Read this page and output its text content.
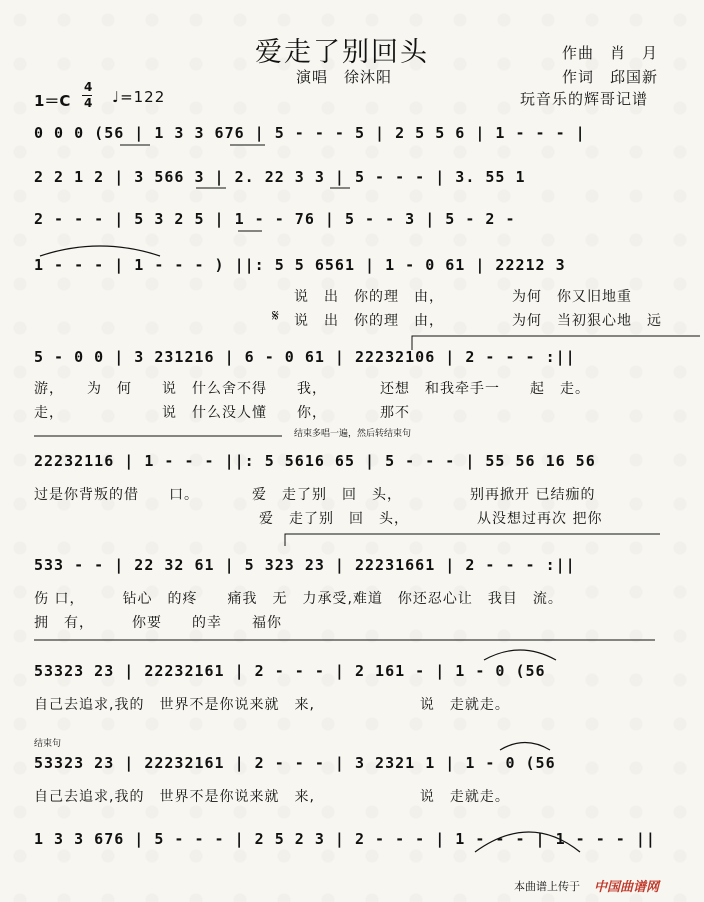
爱走了别回头
演唱　徐沐阳
作曲　肖　月
作词　邱国新
玩音乐的辉哥记谱
1＝C
4
4 ♩=122
0 0 0 (56 | 1 3 3 676 | 5 - - - 5 | 2 5 5 6 | 1 - - - |
2 2 1 2 | 3 566 3 | 2. 22 3 3 | 5 - - - | 3. 55 1
2 - - - | 5 3 2 5 | 1 - - 76 | 5 - - 3 | 5 - 2 -
1 - - - | 1 - - - ) ||: 5 5 6561 | 1 - 0 61 | 22212 3
说　出　你的理　由，　　　　　为何　你又旧地重
𝄋 说　出　你的理　由，　　　　　为何　当初狠心地　远
5 - 0 0 | 3 231216 | 6 - 0 61 | 22232106 | 2 - - - :||
游，　　为　何　　说　什么舍不得　　我，　　　　还想　和我牵手一　　起　走。
走，　　　　　　　说　什么没人懂　　你，　　　　那不
结束多唱一遍，然后转结束句
22232116 | 1 - - - ||: 5 5616 65 | 5 - - - | 55 56 16 56
过是你背叛的借　　口。　　　　爱　走了别　回　头，　　　　　别再掀开 已结痂的
　　　　　　　　　　　　　　　爱　走了别　回　头，　　　　　从没想过再次 把你
533 - - | 22 32 61 | 5 323 23 | 22231661 | 2 - - - :||
伤 口，　　　钻心　的疼　　痛我　无　力承受,难道　你还忍心让　我目　流。
拥　有，　　　你要　　的幸　　福你
53323 23 | 22232161 | 2 - - - | 2 161 - | 1 - 0 (56
自己去追求,我的　世界不是你说来就　来,　　　　　　　说　走就走。
结束句
53323 23 | 22232161 | 2 - - - | 3 2321 1 | 1 - 0 (56
自己去追求,我的　世界不是你说来就　来,　　　　　　　说　走就走。
1 3 3 676 | 5 - - - | 2 5 2 3 | 2 - - - | 1 - - - | 1 - - - ||
本曲谱上传于 中国曲谱网
